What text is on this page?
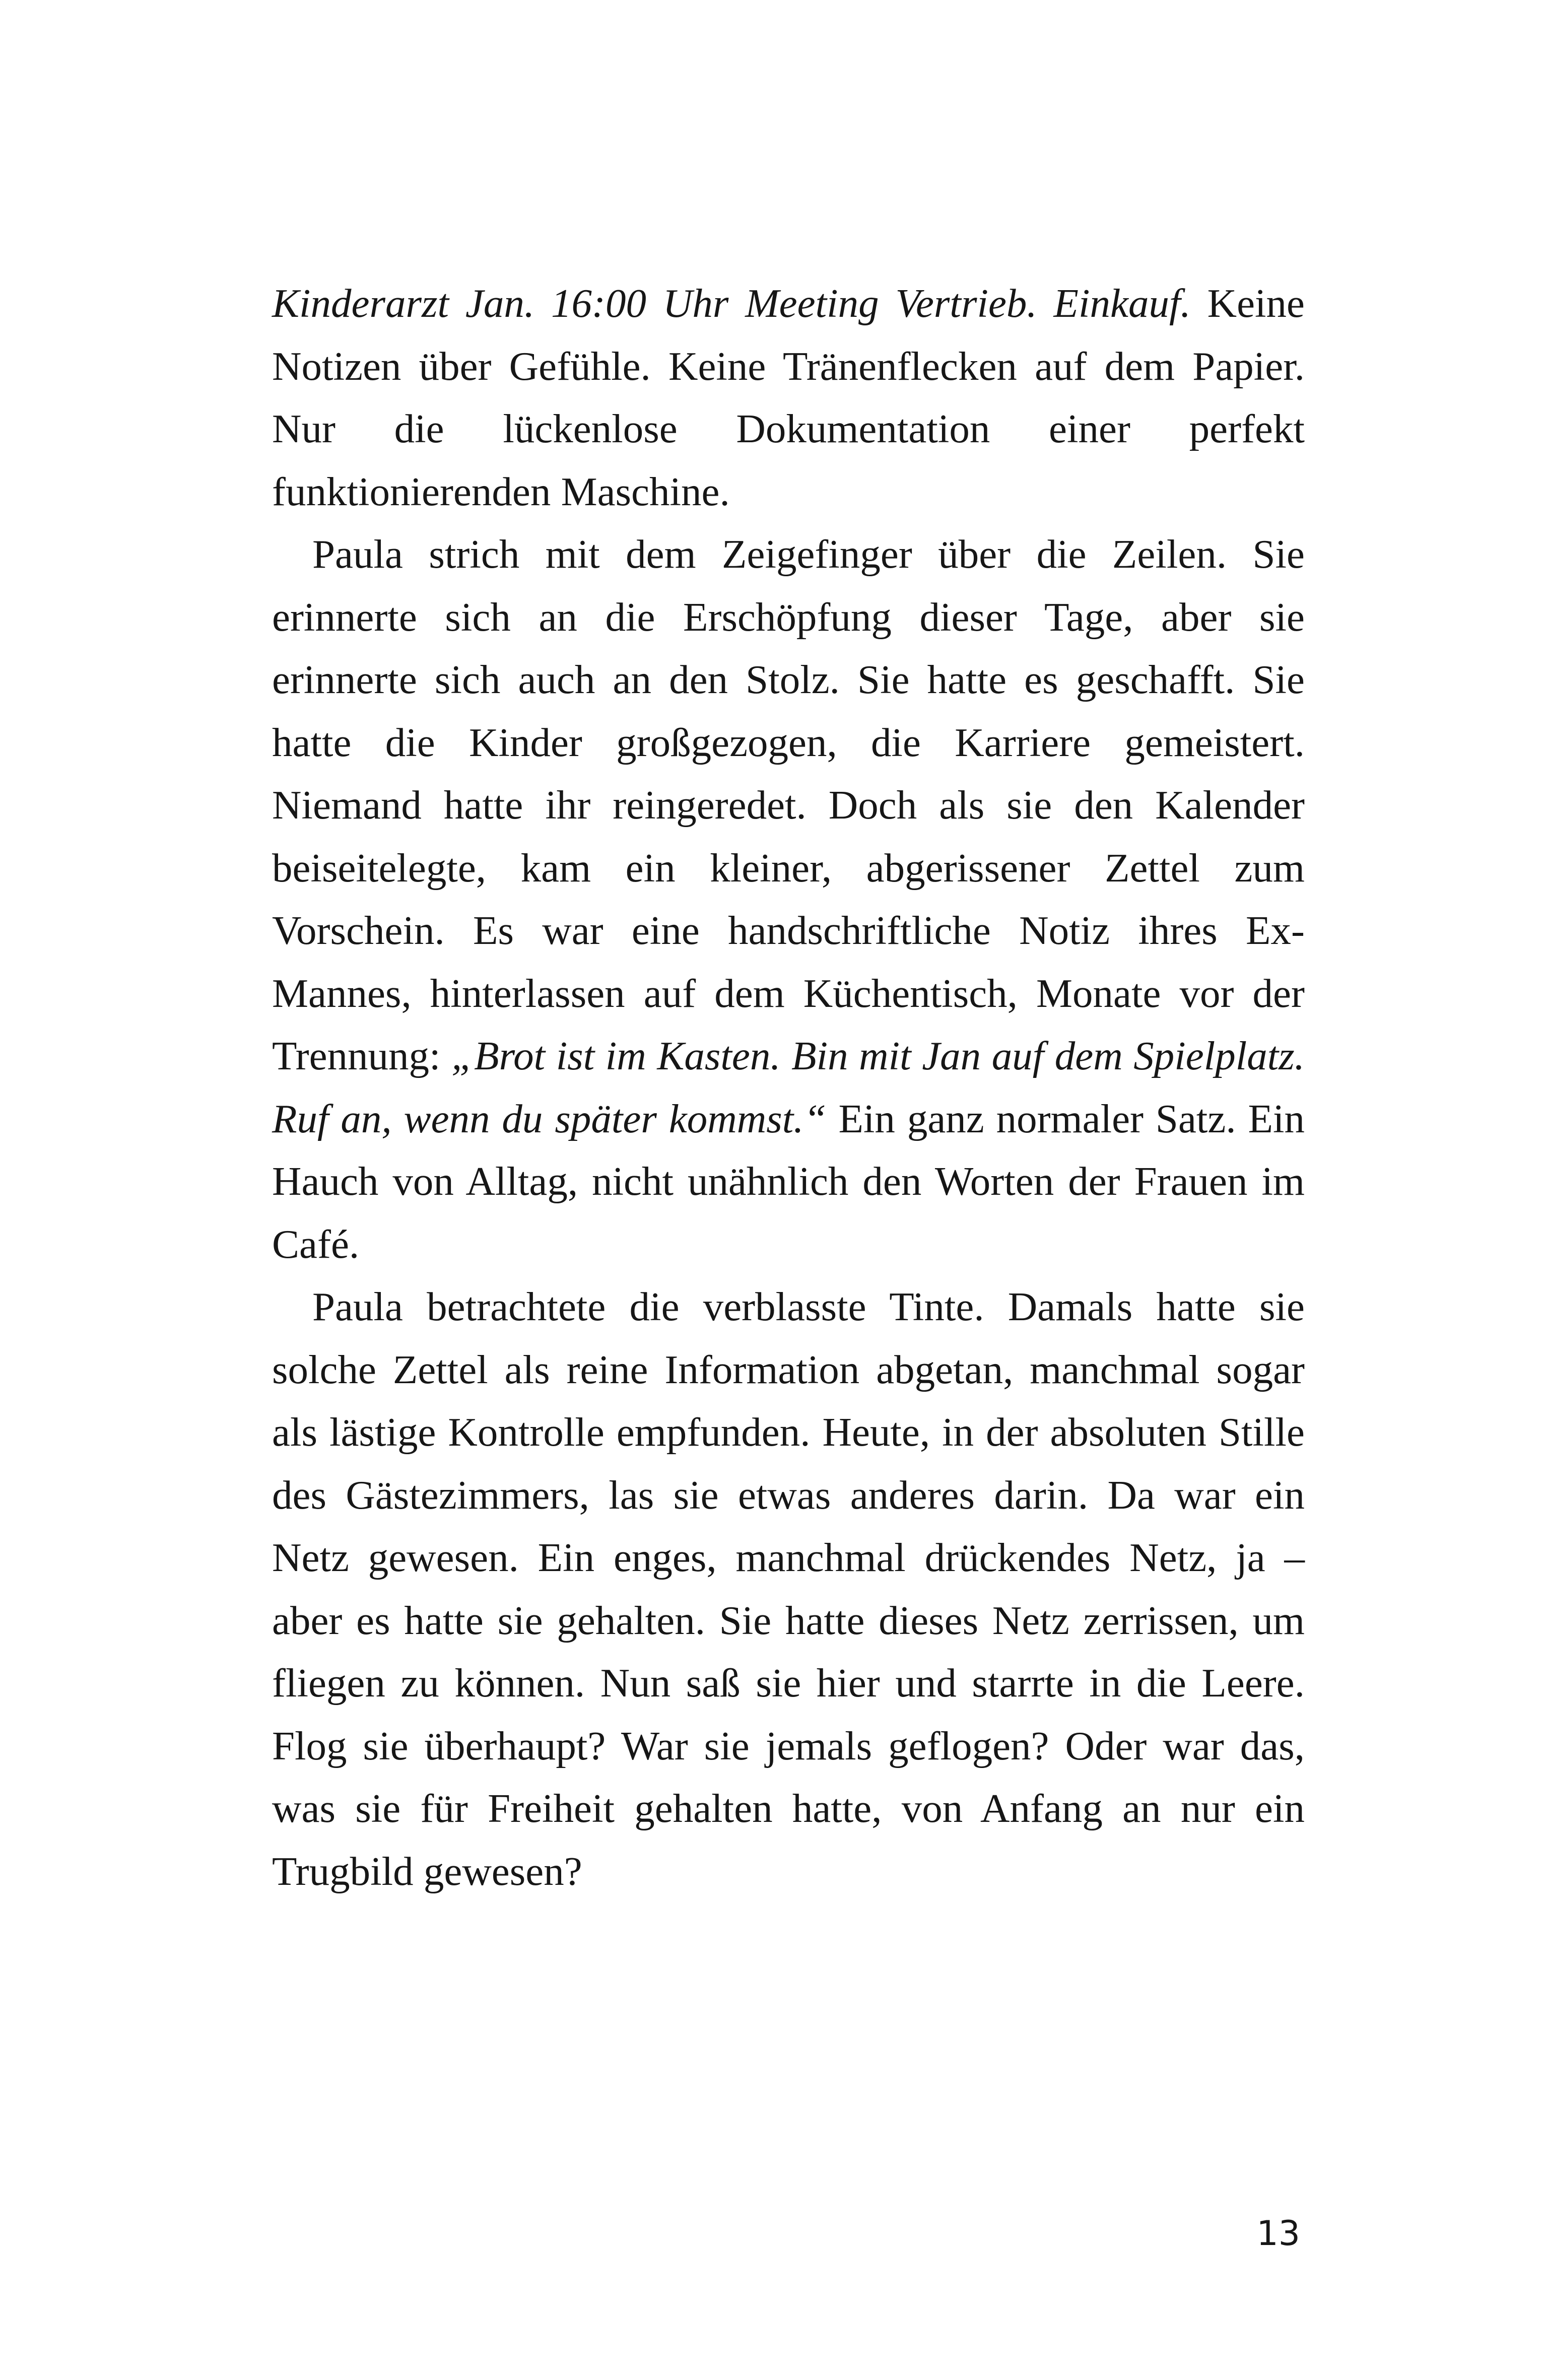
Kinderarzt Jan. 16:00 Uhr Meeting Vertrieb. Einkauf. Keine Notizen über Gefühle. Keine Tränenflecken auf dem Papier. Nur die lückenlose Dokumentation einer perfekt funktionierenden Maschine.

Paula strich mit dem Zeigefinger über die Zeilen. Sie erinnerte sich an die Erschöpfung dieser Tage, aber sie erinnerte sich auch an den Stolz. Sie hatte es geschafft. Sie hatte die Kinder großgezogen, die Karriere gemeistert. Niemand hatte ihr reingeredet. Doch als sie den Kalender beiseitelegte, kam ein kleiner, abgerissener Zettel zum Vorschein. Es war eine handschriftliche Notiz ihres Ex-Mannes, hinterlassen auf dem Küchentisch, Monate vor der Trennung: „Brot ist im Kasten. Bin mit Jan auf dem Spielplatz. Ruf an, wenn du später kommst.“ Ein ganz normaler Satz. Ein Hauch von Alltag, nicht unähnlich den Worten der Frauen im Café.

Paula betrachtete die verblasste Tinte. Damals hatte sie solche Zettel als reine Information abgetan, manchmal sogar als lästige Kontrolle empfunden. Heute, in der absoluten Stille des Gästezimmers, las sie etwas anderes darin. Da war ein Netz gewesen. Ein enges, manchmal drückendes Netz, ja – aber es hatte sie gehalten. Sie hatte dieses Netz zerrissen, um fliegen zu können. Nun saß sie hier und starrte in die Leere. Flog sie überhaupt? War sie jemals geflogen? Oder war das, was sie für Freiheit gehalten hatte, von Anfang an nur ein Trugbild gewesen?

13
